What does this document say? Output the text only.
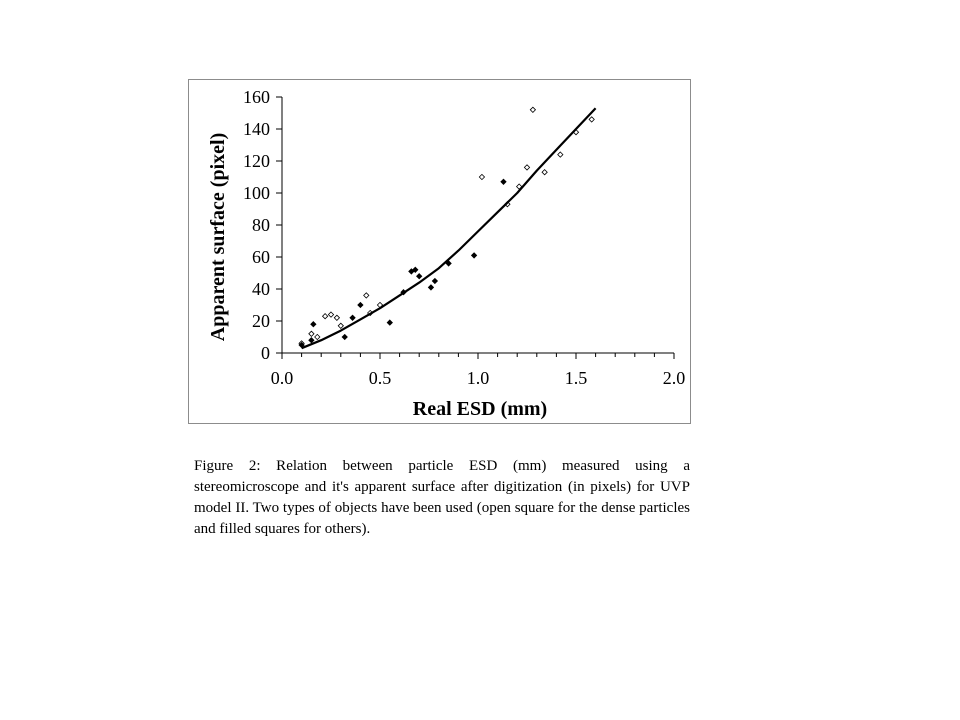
0
20
40
60
80
100
120
140
160
0.0	0.5	1.0	1.5	2.0
Real ESD (mm)
Apparent surface (pixel)

Figure 2: Relation between particle ESD (mm) measured using a stereomicroscope and it's apparent surface after digitization (in pixels) for UVP model II. Two types of objects have been used (open square for the dense particles and filled squares for others).
